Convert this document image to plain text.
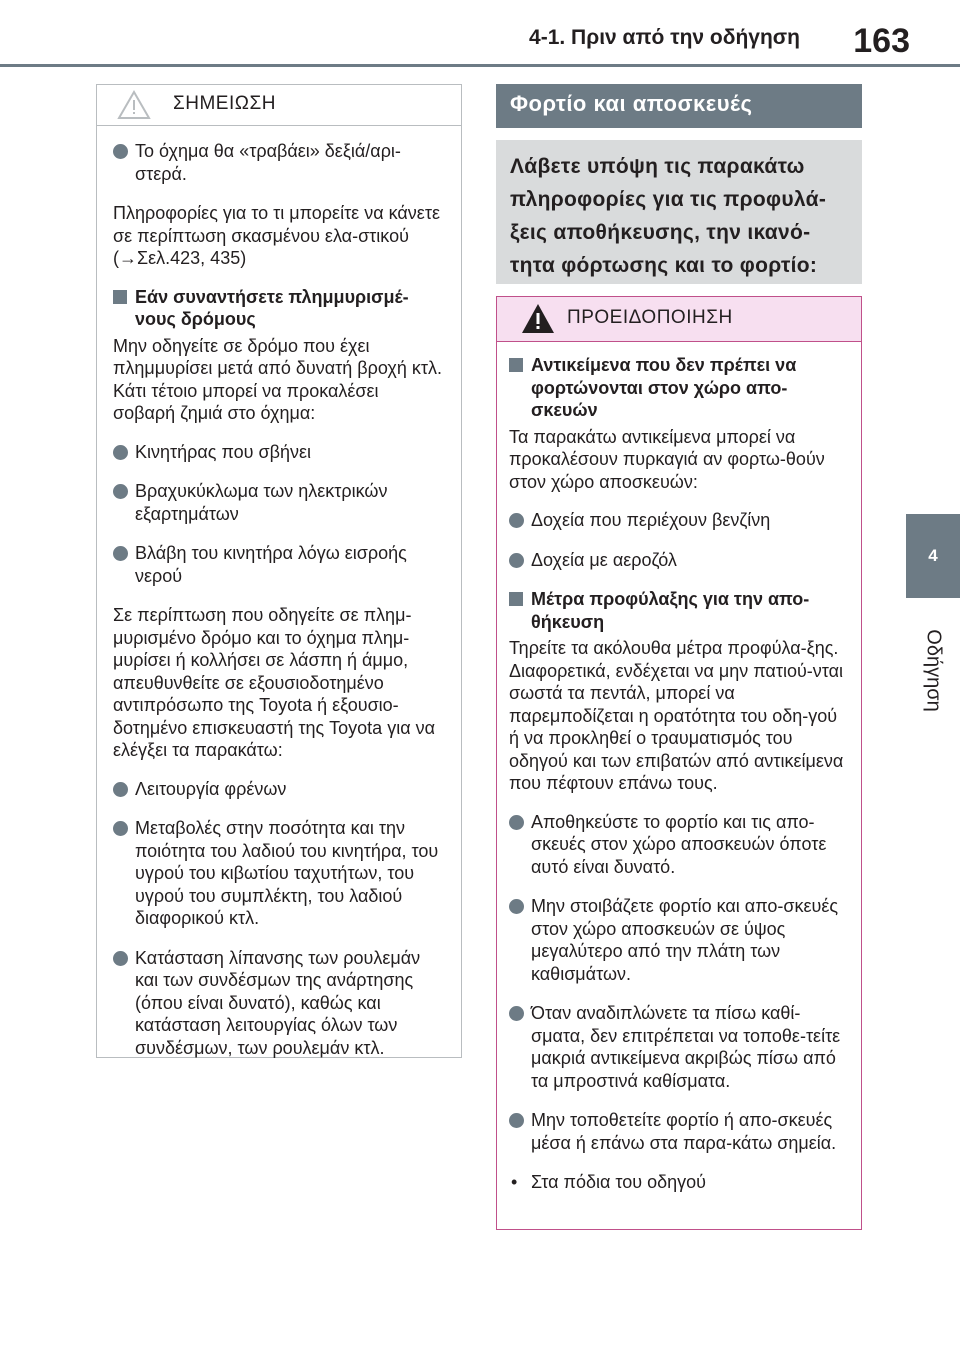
4-1. Πριν από την οδήγηση	163
4
Οδήγηση
ΣΗΜΕΙΩΣΗ
Το όχημα θα «τραβάει» δεξιά/αρι-στερά.

Πληροφορίες για το τι μπορείτε να κάνετε σε περίπτωση σκασμένου ελα-στικού (→Σελ.423, 435)

Εάν συναντήσετε πλημμυρισμέ-νους δρόμους

Μην οδηγείτε σε δρόμο που έχει πλημμυρίσει μετά από δυνατή βροχή κτλ. Κάτι τέτοιο μπορεί να προκαλέσει σοβαρή ζημιά στο όχημα:

Κινητήρας που σβήνει
Βραχυκύκλωμα των ηλεκτρικών εξαρτημάτων
Βλάβη του κινητήρα λόγω εισροής νερού

Σε περίπτωση που οδηγείτε σε πλημ-μυρισμένο δρόμο και το όχημα πλημ-μυρίσει ή κολλήσει σε λάσπη ή άμμο, απευθυνθείτε σε εξουσιοδοτημένο αντιπρόσωπο της Toyota ή εξουσιο-δοτημένο επισκευαστή της Toyota για να ελέγξει τα παρακάτω:

Λειτουργία φρένων
Μεταβολές στην ποσότητα και την ποιότητα του λαδιού του κινητήρα, του υγρού του κιβωτίου ταχυτήτων, του υγρού του συμπλέκτη, του λαδιού διαφορικού κτλ.
Κατάσταση λίπανσης των ρουλεμάν και των συνδέσμων της ανάρτησης (όπου είναι δυνατό), καθώς και κατάσταση λειτουργίας όλων των συνδέσμων, των ρουλεμάν κτλ.
Φορτίο και αποσκευές
Λάβετε υπόψη τις παρακάτω πληροφορίες για τις προφυλά-ξεις αποθήκευσης, την ικανό-τητα φόρτωσης και το φορτίο:
ΠΡΟΕΙΔΟΠΟΙΗΣΗ
Αντικείμενα που δεν πρέπει να φορτώνονται στον χώρο απο-σκευών

Τα παρακάτω αντικείμενα μπορεί να προκαλέσουν πυρκαγιά αν φορτω-θούν στον χώρο αποσκευών:

Δοχεία που περιέχουν βενζίνη
Δοχεία με αεροζόλ
Μέτρα προφύλαξης για την απο-θήκευση

Τηρείτε τα ακόλουθα μέτρα προφύλα-ξης.

Διαφορετικά, ενδέχεται να μην πατιού-νται σωστά τα πεντάλ, μπορεί να παρεμποδίζεται η ορατότητα του οδη-γού ή να προκληθεί ο τραυματισμός του οδηγού και των επιβατών από αντικείμενα που πέφτουν επάνω τους.

Αποθηκεύστε το φορτίο και τις απο-σκευές στον χώρο αποσκευών όποτε αυτό είναι δυνατό.
Μην στοιβάζετε φορτίο και απο-σκευές στον χώρο αποσκευών σε ύψος μεγαλύτερο από την πλάτη των καθισμάτων.
Όταν αναδιπλώνετε τα πίσω καθί-σματα, δεν επιτρέπεται να τοποθε-τείτε μακριά αντικείμενα ακριβώς πίσω από τα μπροστινά καθίσματα.
Μην τοποθετείτε φορτίο ή απο-σκευές μέσα ή επάνω στα παρα-κάτω σημεία.
• Στα πόδια του οδηγού
